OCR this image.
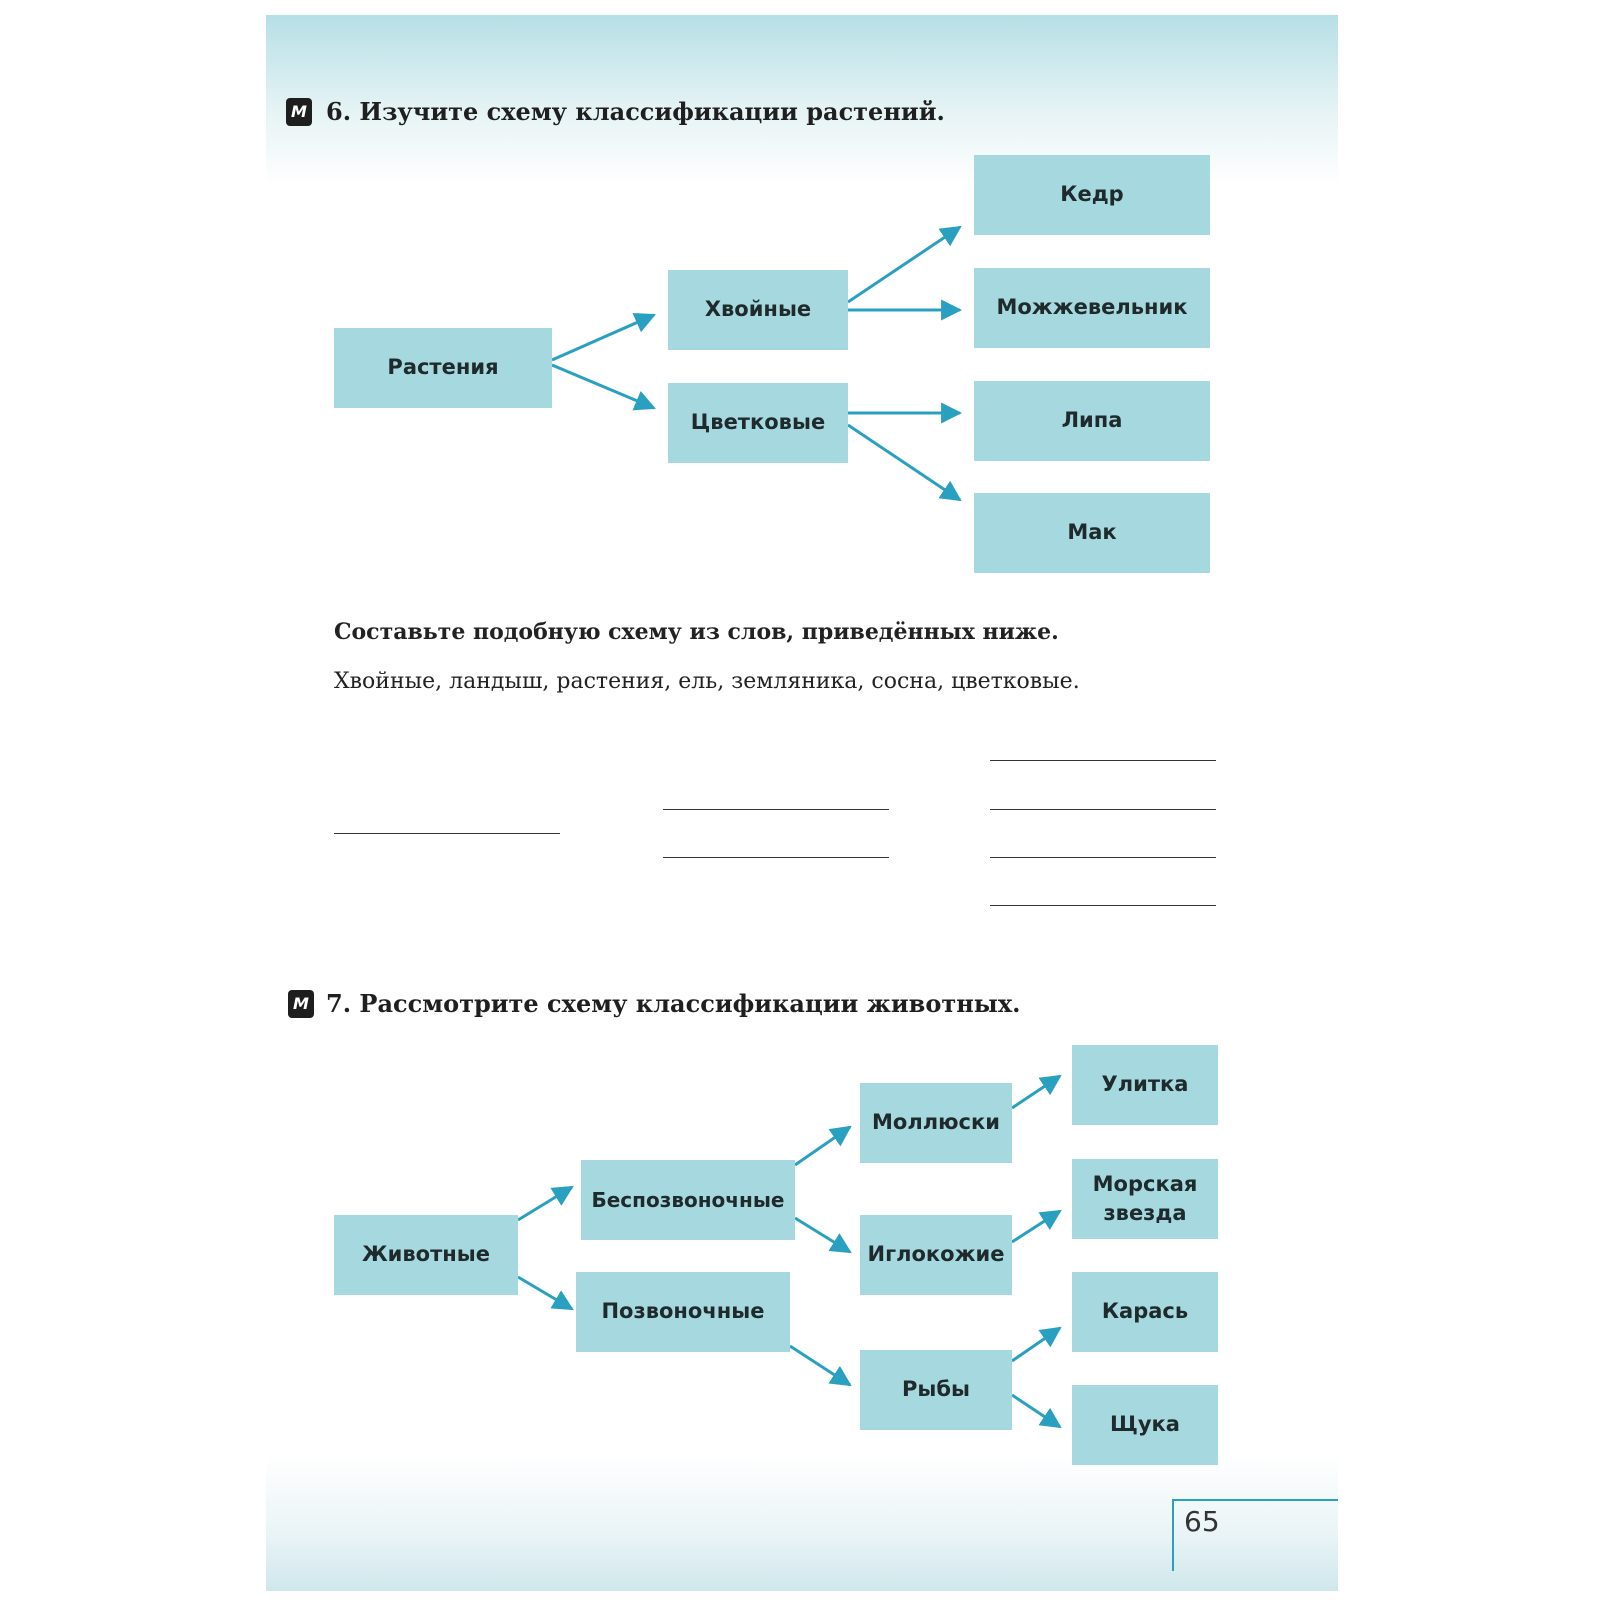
М 6. Изучите схему классификации растений.
Растения
Хвойные
Цветковые
Кедр
Можжевельник
Липа
Мак

Составьте подобную схему из слов, приведённых ниже.

Хвойные, ландыш, растения, ель, земляника, сосна, цветковые.

М 7. Рассмотрите схему классификации животных.
Животные
Беспозвоночные
Позвоночные
Моллюски
Иглокожие
Рыбы
Улитка
Морская звезда
Карась
Щука
65
